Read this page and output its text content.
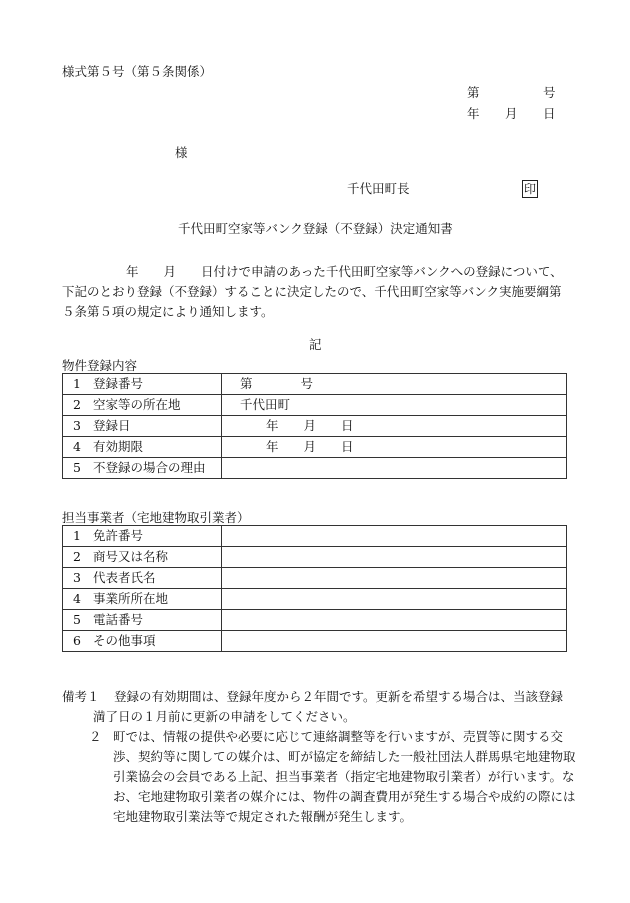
様式第５号（第５条関係）
第	号
年 月 日
様
千代田町長	印
千代田町空家等バンク登録（不登録）決定通知書

年　　月　　日付けで申請のあった千代田町空家等バンクへの登録について、

下記のとおり登録（不登録）することに決定したので、千代田町空家等バンク実施要綱第

５条第５項の規定により通知します。

記
物件登録内容
1 登録番号	第 号
2 空家等の所在地	千代田町
3 登録日	年 月 日
4 有効期限	年 月 日
5 不登録の場合の理由	
担当事業者（宅地建物取引業者）
1 免許番号	
2 商号又は名称	
3 代表者氏名	
4 事業所所在地	
5 電話番号	
6 その他事項	
備考１ 登録の有効期間は、登録年度から２年間です。更新を希望する場合は、当該登録
満了日の１月前に更新の申請をしてください。
２ 町では、情報の提供や必要に応じて連絡調整等を行いますが、売買等に関する交
渉、契約等に関しての媒介は、町が協定を締結した一般社団法人群馬県宅地建物取
引業協会の会員である上記、担当事業者（指定宅地建物取引業者）が行います。な
お、宅地建物取引業者の媒介には、物件の調査費用が発生する場合や成約の際には
宅地建物取引業法等で規定された報酬が発生します。
